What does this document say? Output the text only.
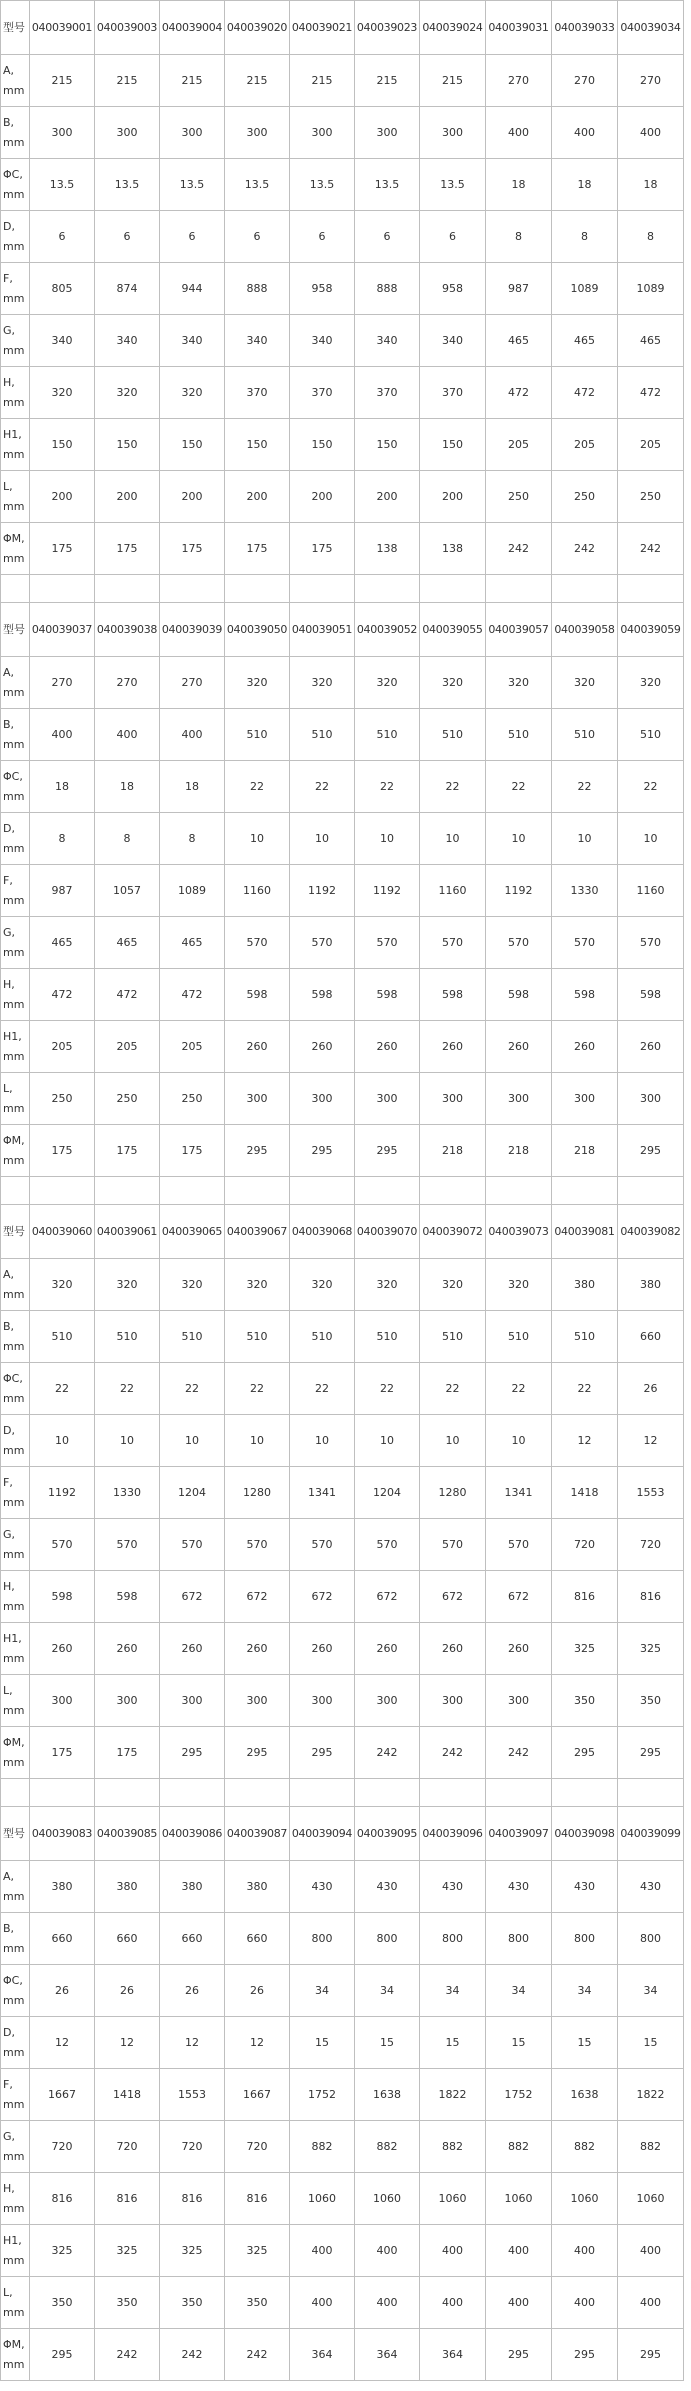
型号	040039001	040039003	040039004	040039020	040039021	040039023	040039024	040039031	040039033	040039034
A, mm	215	215	215	215	215	215	215	270	270	270
B, mm	300	300	300	300	300	300	300	400	400	400
ΦC, mm	13.5	13.5	13.5	13.5	13.5	13.5	13.5	18	18	18
D, mm	6	6	6	6	6	6	6	8	8	8
F, mm	805	874	944	888	958	888	958	987	1089	1089
G, mm	340	340	340	340	340	340	340	465	465	465
H, mm	320	320	320	370	370	370	370	472	472	472
H1, mm	150	150	150	150	150	150	150	205	205	205
L, mm	200	200	200	200	200	200	200	250	250	250
ΦM, mm	175	175	175	175	175	138	138	242	242	242

型号	040039037	040039038	040039039	040039050	040039051	040039052	040039055	040039057	040039058	040039059
A, mm	270	270	270	320	320	320	320	320	320	320
B, mm	400	400	400	510	510	510	510	510	510	510
ΦC, mm	18	18	18	22	22	22	22	22	22	22
D, mm	8	8	8	10	10	10	10	10	10	10
F, mm	987	1057	1089	1160	1192	1192	1160	1192	1330	1160
G, mm	465	465	465	570	570	570	570	570	570	570
H, mm	472	472	472	598	598	598	598	598	598	598
H1, mm	205	205	205	260	260	260	260	260	260	260
L, mm	250	250	250	300	300	300	300	300	300	300
ΦM, mm	175	175	175	295	295	295	218	218	218	295

型号	040039060	040039061	040039065	040039067	040039068	040039070	040039072	040039073	040039081	040039082
A, mm	320	320	320	320	320	320	320	320	380	380
B, mm	510	510	510	510	510	510	510	510	510	660
ΦC, mm	22	22	22	22	22	22	22	22	22	26
D, mm	10	10	10	10	10	10	10	10	12	12
F, mm	1192	1330	1204	1280	1341	1204	1280	1341	1418	1553
G, mm	570	570	570	570	570	570	570	570	720	720
H, mm	598	598	672	672	672	672	672	672	816	816
H1, mm	260	260	260	260	260	260	260	260	325	325
L, mm	300	300	300	300	300	300	300	300	350	350
ΦM, mm	175	175	295	295	295	242	242	242	295	295

型号	040039083	040039085	040039086	040039087	040039094	040039095	040039096	040039097	040039098	040039099
A, mm	380	380	380	380	430	430	430	430	430	430
B, mm	660	660	660	660	800	800	800	800	800	800
ΦC, mm	26	26	26	26	34	34	34	34	34	34
D, mm	12	12	12	12	15	15	15	15	15	15
F, mm	1667	1418	1553	1667	1752	1638	1822	1752	1638	1822
G, mm	720	720	720	720	882	882	882	882	882	882
H, mm	816	816	816	816	1060	1060	1060	1060	1060	1060
H1, mm	325	325	325	325	400	400	400	400	400	400
L, mm	350	350	350	350	400	400	400	400	400	400
ΦM, mm	295	242	242	242	364	364	364	295	295	295
